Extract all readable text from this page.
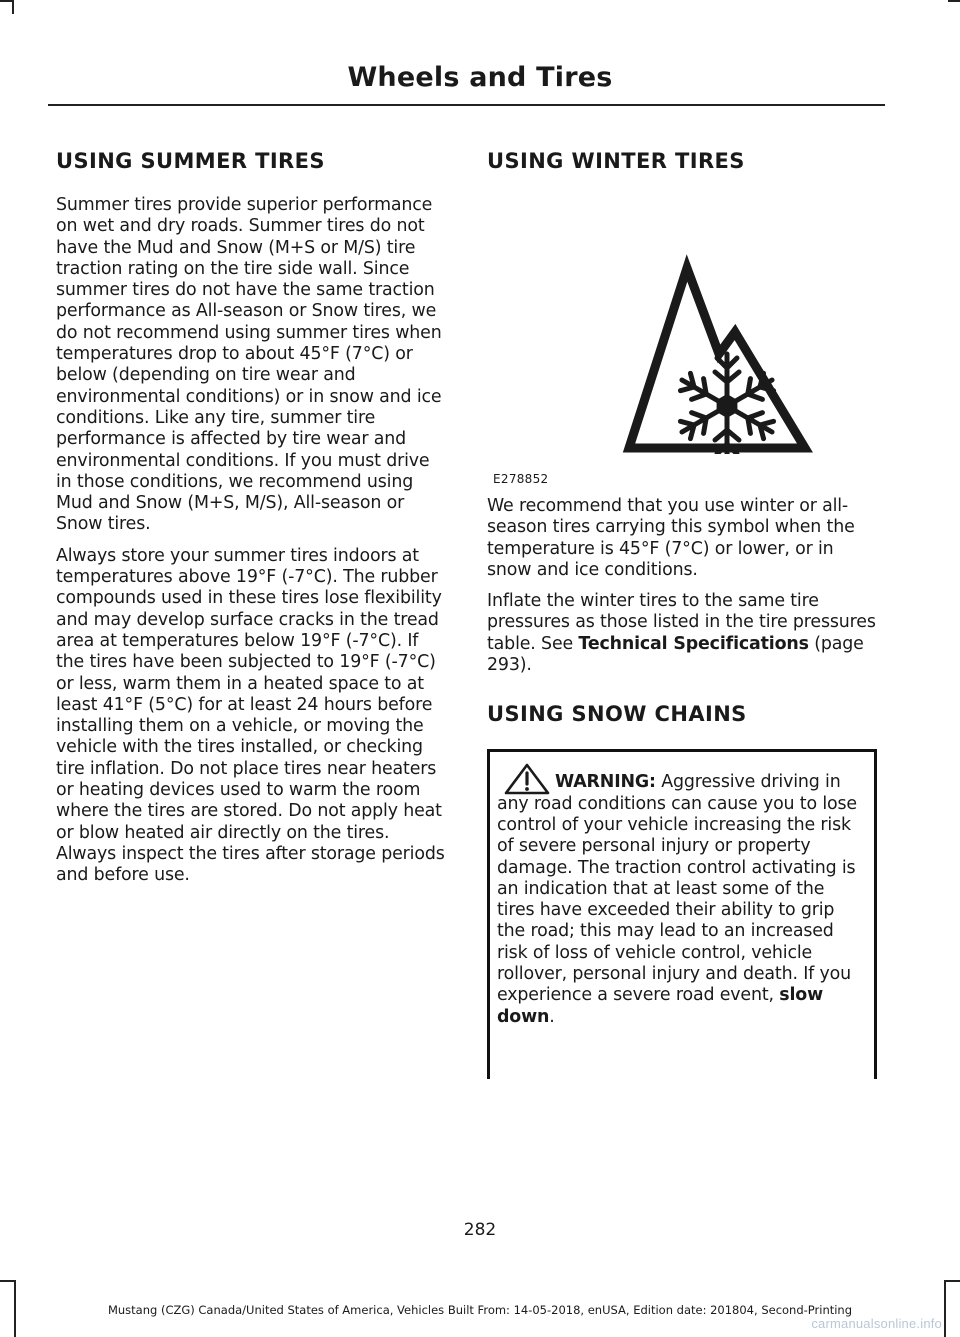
Wheels and Tires
USING SUMMER TIRES

Summer tires provide superior performance on wet and dry roads. Summer tires do not have the Mud and Snow (M+S or M/S) tire traction rating on the tire side wall. Since summer tires do not have the same traction performance as All-season or Snow tires, we do not recommend using summer tires when temperatures drop to about 45°F (7°C) or below (depending on tire wear and environmental conditions) or in snow and ice conditions. Like any tire, summer tire performance is affected by tire wear and environmental conditions. If you must drive in those conditions, we recommend using Mud and Snow (M+S, M/S), All-season or Snow tires.

Always store your summer tires indoors at temperatures above 19°F (-7°C). The rubber compounds used in these tires lose flexibility and may develop surface cracks in the tread area at temperatures below 19°F (-7°C). If the tires have been subjected to 19°F (-7°C) or less, warm them in a heated space to at least 41°F (5°C) for at least 24 hours before installing them on a vehicle, or moving the vehicle with the tires installed, or checking tire inflation. Do not place tires near heaters or heating devices used to warm the room where the tires are stored. Do not apply heat or blow heated air directly on the tires. Always inspect the tires after storage periods and before use.

USING WINTER TIRES
E278852

We recommend that you use winter or all-season tires carrying this symbol when the temperature is 45°F (7°C) or lower, or in snow and ice conditions.

Inflate the winter tires to the same tire pressures as those listed in the tire pressures table. See Technical Specifications (page 293).

USING SNOW CHAINS
WARNING: Aggressive driving in any road conditions can cause you to lose control of your vehicle increasing the risk of severe personal injury or property damage. The traction control activating is an indication that at least some of the tires have exceeded their ability to grip the road; this may lead to an increased risk of loss of vehicle control, vehicle rollover, personal injury and death. If you experience a severe road event, slow down.
282
Mustang (CZG) Canada/United States of America, Vehicles Built From: 14-05-2018, enUSA, Edition date: 201804, Second-Printing
carmanualsonline.info
